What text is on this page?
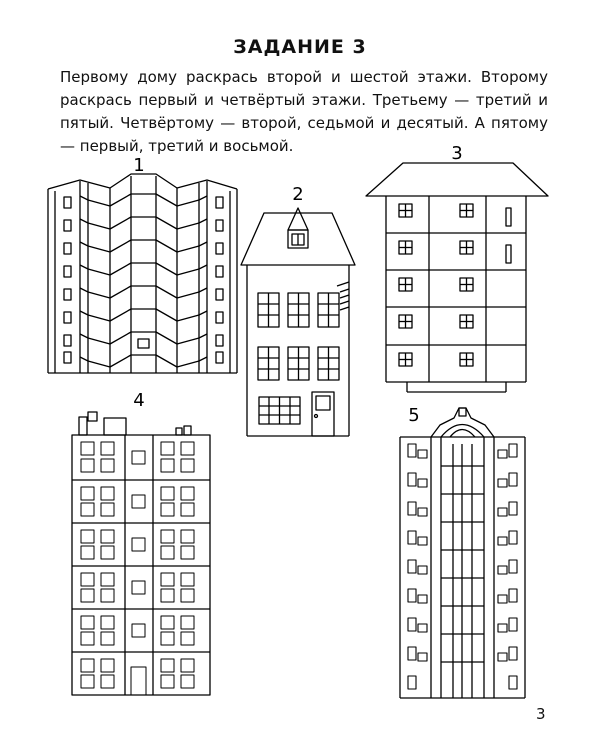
ЗАДАНИЕ 3

Первому дому раскрась второй и шестой этажи. Второму раскрась первый и четвёртый этажи. Третьему — третий и пятый. Четвёртому — второй, седьмой и десятый. А пятому — первый, третий и восьмой.

1
2
3
4
5
3
